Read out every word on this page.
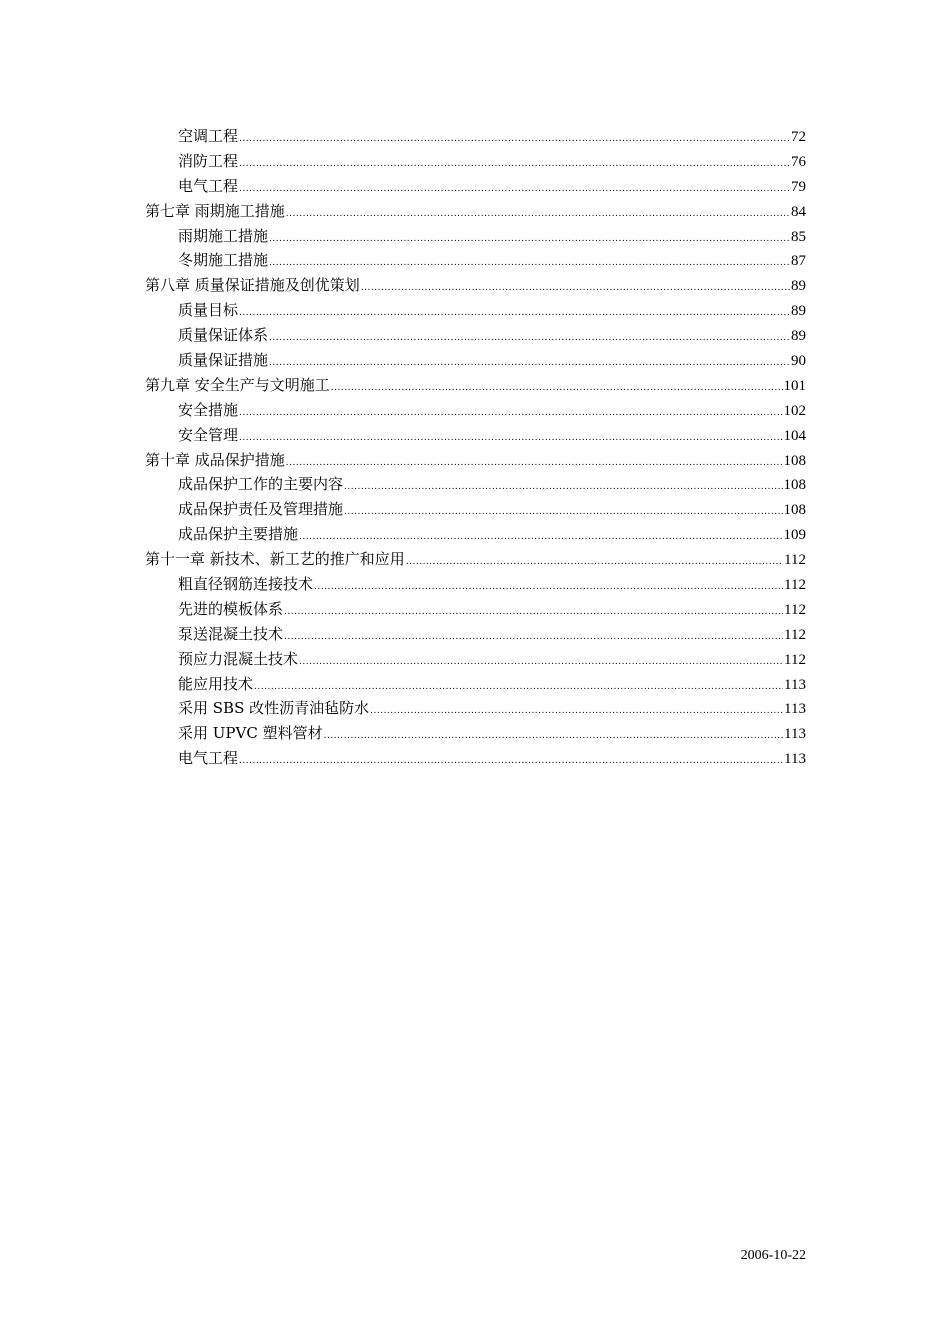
空调工程 .....	72
消防工程 .....	76
电气工程 .....	79
第七章 雨期施工措施 .....	84
雨期施工措施 .....	85
冬期施工措施 .....	87
第八章 质量保证措施及创优策划 .....	89
质量目标 .....	89
质量保证体系 .....	89
质量保证措施 .....	90
第九章 安全生产与文明施工 .....	101
安全措施 .....	102
安全管理 .....	104
第十章 成品保护措施 .....	108
成品保护工作的主要内容 .....	108
成品保护责任及管理措施 .....	108
成品保护主要措施 .....	109
第十一章 新技术、新工艺的推广和应用 .....	112
粗直径钢筋连接技术 .....	112
先进的模板体系 .....	112
泵送混凝土技术 .....	112
预应力混凝土技术 .....	112
能应用技术 .....	113
采用 SBS 改性沥青油毡防水 .....	113
采用 UPVC 塑料管材 .....	113
电气工程 .....	113
2006-10-22
